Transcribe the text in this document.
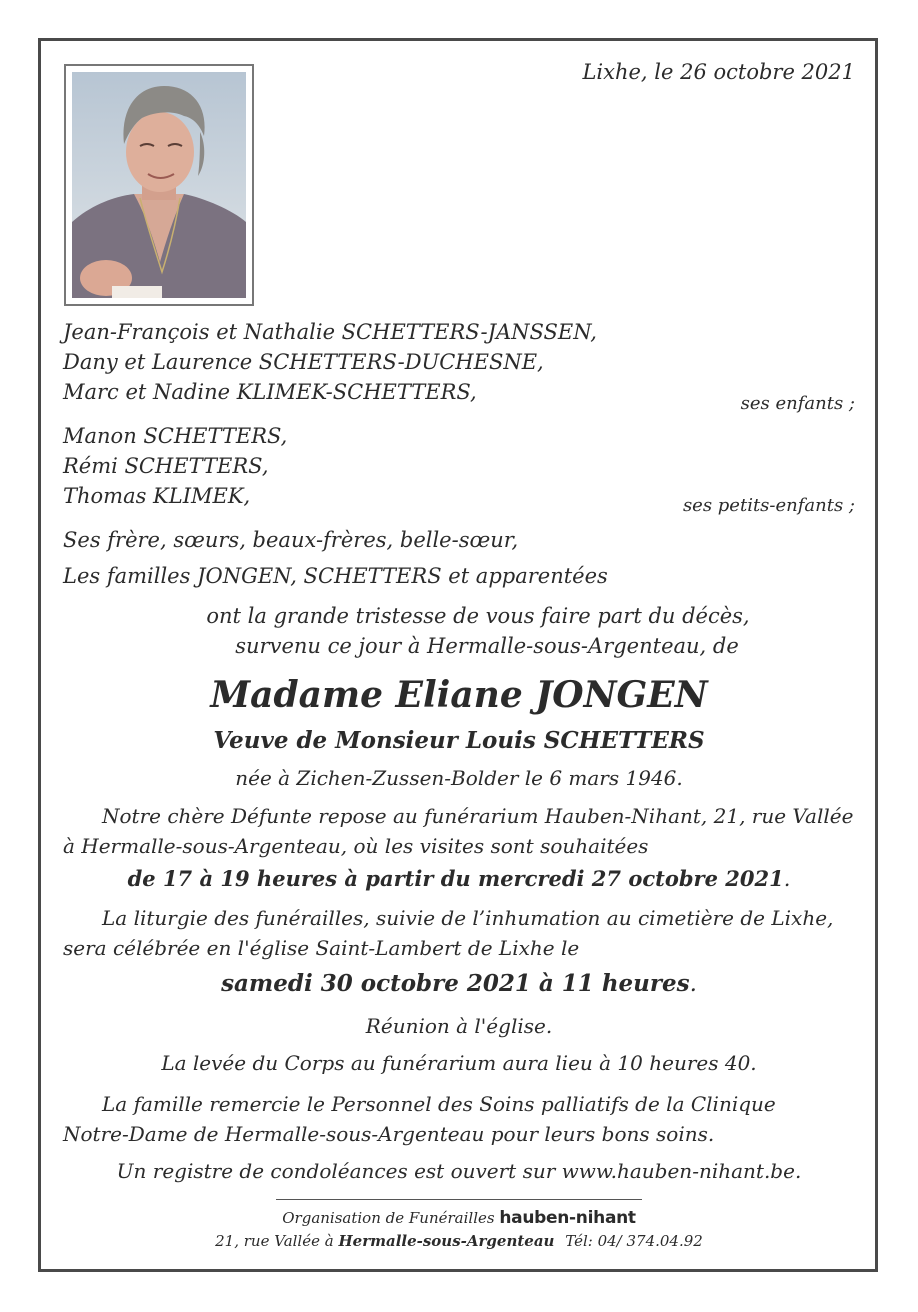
Lixhe, le 26 octobre 2021
Jean-François et Nathalie SCHETTERS-JANSSEN,
Dany et Laurence SCHETTERS-DUCHESNE,
Marc et Nadine KLIMEK-SCHETTERS,	ses enfants ;
Manon SCHETTERS,
Rémi SCHETTERS,
Thomas KLIMEK,	ses petits-enfants ;
Ses frère, sœurs, beaux-frères, belle-sœur,
Les familles JONGEN, SCHETTERS et apparentées
ont la grande tristesse de vous faire part du décès,
survenu ce jour à Hermalle-sous-Argenteau, de
Madame Eliane JONGEN
Veuve de Monsieur Louis SCHETTERS
née à Zichen-Zussen-Bolder le 6 mars 1946.
Notre chère Défunte repose au funérarium Hauben-Nihant, 21, rue Vallée
à Hermalle-sous-Argenteau, où les visites sont souhaitées
de 17 à 19 heures à partir du mercredi 27 octobre 2021.
La liturgie des funérailles, suivie de l’inhumation au cimetière de Lixhe,
sera célébrée en l'église Saint-Lambert de Lixhe le
samedi 30 octobre 2021 à 11 heures.
Réunion à l'église.
La levée du Corps au funérarium aura lieu à 10 heures 40.
La famille remercie le Personnel des Soins palliatifs de la Clinique
Notre-Dame de Hermalle-sous-Argenteau pour leurs bons soins.
Un registre de condoléances est ouvert sur www.hauben-nihant.be.
Organisation de Funérailles hauben-nihant
21, rue Vallée à Hermalle-sous-Argenteau Tél: 04/ 374.04.92
